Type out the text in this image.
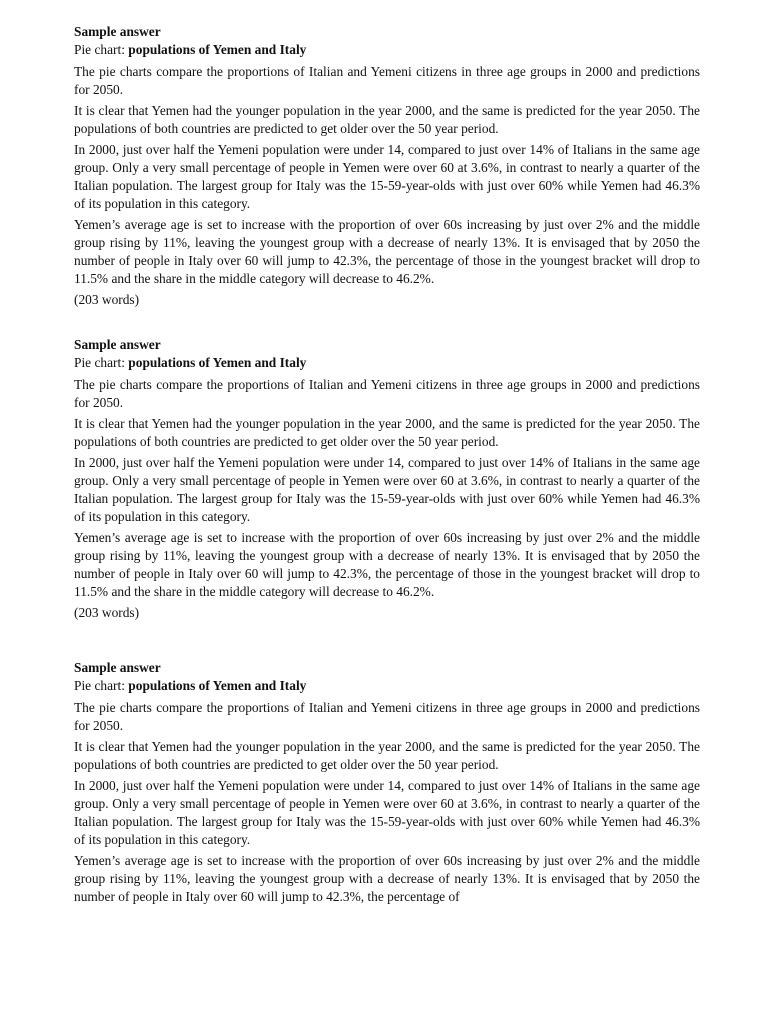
Sample answer

Pie chart: populations of Yemen and Italy

The pie charts compare the proportions of Italian and Yemeni citizens in three age groups in 2000 and predictions for 2050.

It is clear that Yemen had the younger population in the year 2000, and the same is predicted for the year 2050. The populations of both countries are predicted to get older over the 50 year period.

In 2000, just over half the Yemeni population were under 14, compared to just over 14% of Italians in the same age group. Only a very small percentage of people in Yemen were over 60 at 3.6%, in contrast to nearly a quarter of the Italian population. The largest group for Italy was the 15-59-year-olds with just over 60% while Yemen had 46.3% of its population in this category.

Yemen’s average age is set to increase with the proportion of over 60s increasing by just over 2% and the middle group rising by 11%, leaving the youngest group with a decrease of nearly 13%. It is envisaged that by 2050 the number of people in Italy over 60 will jump to 42.3%, the percentage of those in the youngest bracket will drop to 11.5% and the share in the middle category will decrease to 46.2%.

(203 words)

Sample answer

Pie chart: populations of Yemen and Italy

The pie charts compare the proportions of Italian and Yemeni citizens in three age groups in 2000 and predictions for 2050.

It is clear that Yemen had the younger population in the year 2000, and the same is predicted for the year 2050. The populations of both countries are predicted to get older over the 50 year period.

In 2000, just over half the Yemeni population were under 14, compared to just over 14% of Italians in the same age group. Only a very small percentage of people in Yemen were over 60 at 3.6%, in contrast to nearly a quarter of the Italian population. The largest group for Italy was the 15-59-year-olds with just over 60% while Yemen had 46.3% of its population in this category.

Yemen’s average age is set to increase with the proportion of over 60s increasing by just over 2% and the middle group rising by 11%, leaving the youngest group with a decrease of nearly 13%. It is envisaged that by 2050 the number of people in Italy over 60 will jump to 42.3%, the percentage of those in the youngest bracket will drop to 11.5% and the share in the middle category will decrease to 46.2%.

(203 words)

Sample answer

Pie chart: populations of Yemen and Italy

The pie charts compare the proportions of Italian and Yemeni citizens in three age groups in 2000 and predictions for 2050.

It is clear that Yemen had the younger population in the year 2000, and the same is predicted for the year 2050. The populations of both countries are predicted to get older over the 50 year period.

In 2000, just over half the Yemeni population were under 14, compared to just over 14% of Italians in the same age group. Only a very small percentage of people in Yemen were over 60 at 3.6%, in contrast to nearly a quarter of the Italian population. The largest group for Italy was the 15-59-year-olds with just over 60% while Yemen had 46.3% of its population in this category.

Yemen’s average age is set to increase with the proportion of over 60s increasing by just over 2% and the middle group rising by 11%, leaving the youngest group with a decrease of nearly 13%. It is envisaged that by 2050 the number of people in Italy over 60 will jump to 42.3%, the percentage of
